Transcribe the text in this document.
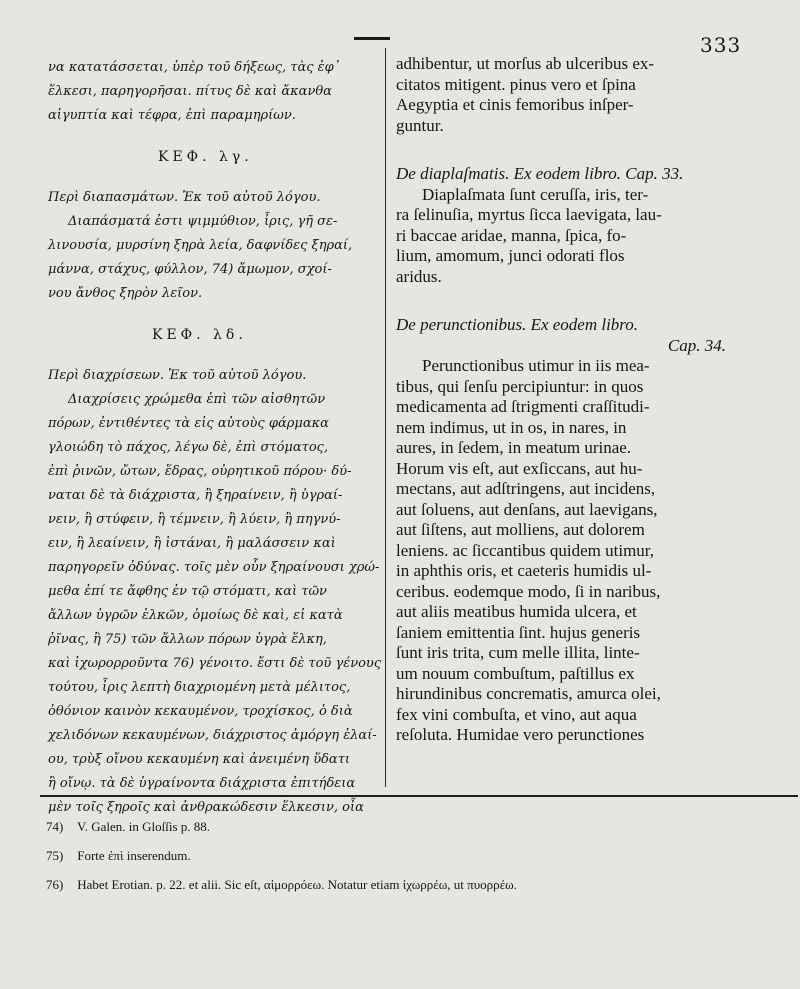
333
να κατατάσσεται, ὑπὲρ τοῦ δήξεως, τὰς ἐφ᾽
ἕλκεσι, παρηγορῆσαι. πίτυς δὲ καὶ ἄκανθα
αἰγυπτία καὶ τέφρα, ἐπὶ παραμηρίων.
ΚΕΦ. λγ.
Περὶ διαπασμάτων. Ἐκ τοῦ αὐτοῦ λόγου.
Διαπάσματά ἐστι ψιμμύθιον, ἶρις, γῆ σε-
λινουσία, μυρσίνη ξηρὰ λεία, δαφνίδες ξηραί,
μάννα, στάχυς, φύλλον, 74) ἄμωμον, σχοί-
νου ἄνθος ξηρὸν λεῖον.
ΚΕΦ. λδ.
Περὶ διαχρίσεων. Ἐκ τοῦ αὐτοῦ λόγου.
Διαχρίσεις χρώμεθα ἐπὶ τῶν αἰσθητῶν
πόρων, ἐντιθέντες τὰ εἰς αὐτοὺς φάρμακα
γλοιώδη τὸ πάχος, λέγω δὲ, ἐπὶ στόματος,
ἐπὶ ῥινῶν, ὤτων, ἕδρας, οὐρητικοῦ πόρου· δύ-
ναται δὲ τὰ διάχριστα, ἢ ξηραίνειν, ἢ ὑγραί-
νειν, ἢ στύφειν, ἢ τέμνειν, ἢ λύειν, ἢ πηγνύ-
ειν, ἢ λεαίνειν, ἢ ἱστάναι, ἢ μαλάσσειν καὶ
παρηγορεῖν ὀδύνας. τοῖς μὲν οὖν ξηραίνουσι χρώ-
μεθα ἐπί τε ἄφθης ἐν τῷ στόματι, καὶ τῶν
ἄλλων ὑγρῶν ἑλκῶν, ὁμοίως δὲ καὶ, εἰ κατὰ
ῥῖνας, ἢ 75) τῶν ἄλλων πόρων ὑγρὰ ἕλκη,
καὶ ἰχωρορροῦντα 76) γένοιτο. ἔστι δὲ τοῦ γένους
τούτου, ἶρις λεπτὴ διαχριομένη μετὰ μέλιτος,
ὀθόνιον καινὸν κεκαυμένον, τροχίσκος, ὁ διὰ
χελιδόνων κεκαυμένων, διάχριστος ἀμόργη ἐλαί-
ου, τρὺξ οἴνου κεκαυμένη καὶ ἀνειμένη ὕδατι
ἢ οἴνῳ. τὰ δὲ ὑγραίνοντα διάχριστα ἐπιτήδεια
μὲν τοῖς ξηροῖς καὶ ἀνθρακώδεσιν ἕλκεσιν, οἷα
adhibentur, ut morſus ab ulceribus ex-
citatos mitigent. pinus vero et ſpina
Aegyptia et cinis femoribus inſper-
guntur.
De diaplaſmatis. Ex eodem libro. Cap. 33.
Diaplaſmata ſunt ceruſſa, iris, ter-
ra ſelinuſia, myrtus ſicca laevigata, lau-
ri baccae aridae, manna, ſpica, fo-
lium, amomum, junci odorati flos
aridus.
De perunctionibus. Ex eodem libro.
Cap. 34.
Perunctionibus utimur in iis mea-
tibus, qui ſenſu percipiuntur: in quos
medicamenta ad ſtrigmenti craſſitudi-
nem indimus, ut in os, in nares, in
aures, in ſedem, in meatum urinae.
Horum vis eſt, aut exſiccans, aut hu-
mectans, aut adſtringens, aut incidens,
aut ſoluens, aut denſans, aut laevigans,
aut ſiſtens, aut molliens, aut dolorem
leniens. ac ſiccantibus quidem utimur,
in aphthis oris, et caeteris humidis ul-
ceribus. eodemque modo, ſi in naribus,
aut aliis meatibus humida ulcera, et
ſaniem emittentia ſint. hujus generis
ſunt iris trita, cum melle illita, linte-
um nouum combuſtum, paſtillus ex
hirundinibus concrematis, amurca olei,
fex vini combuſta, et vino, aut aqua
reſoluta. Humidae vero perunctiones
74) V. Galen. in Gloſſis p. 88.
75) Forte ἐπὶ inserendum.
76) Habet Erotian. p. 22. et alii. Sic eſt, αἱμορρόεω. Notatur etiam ἰχωρρέω, ut πυορρέω.
